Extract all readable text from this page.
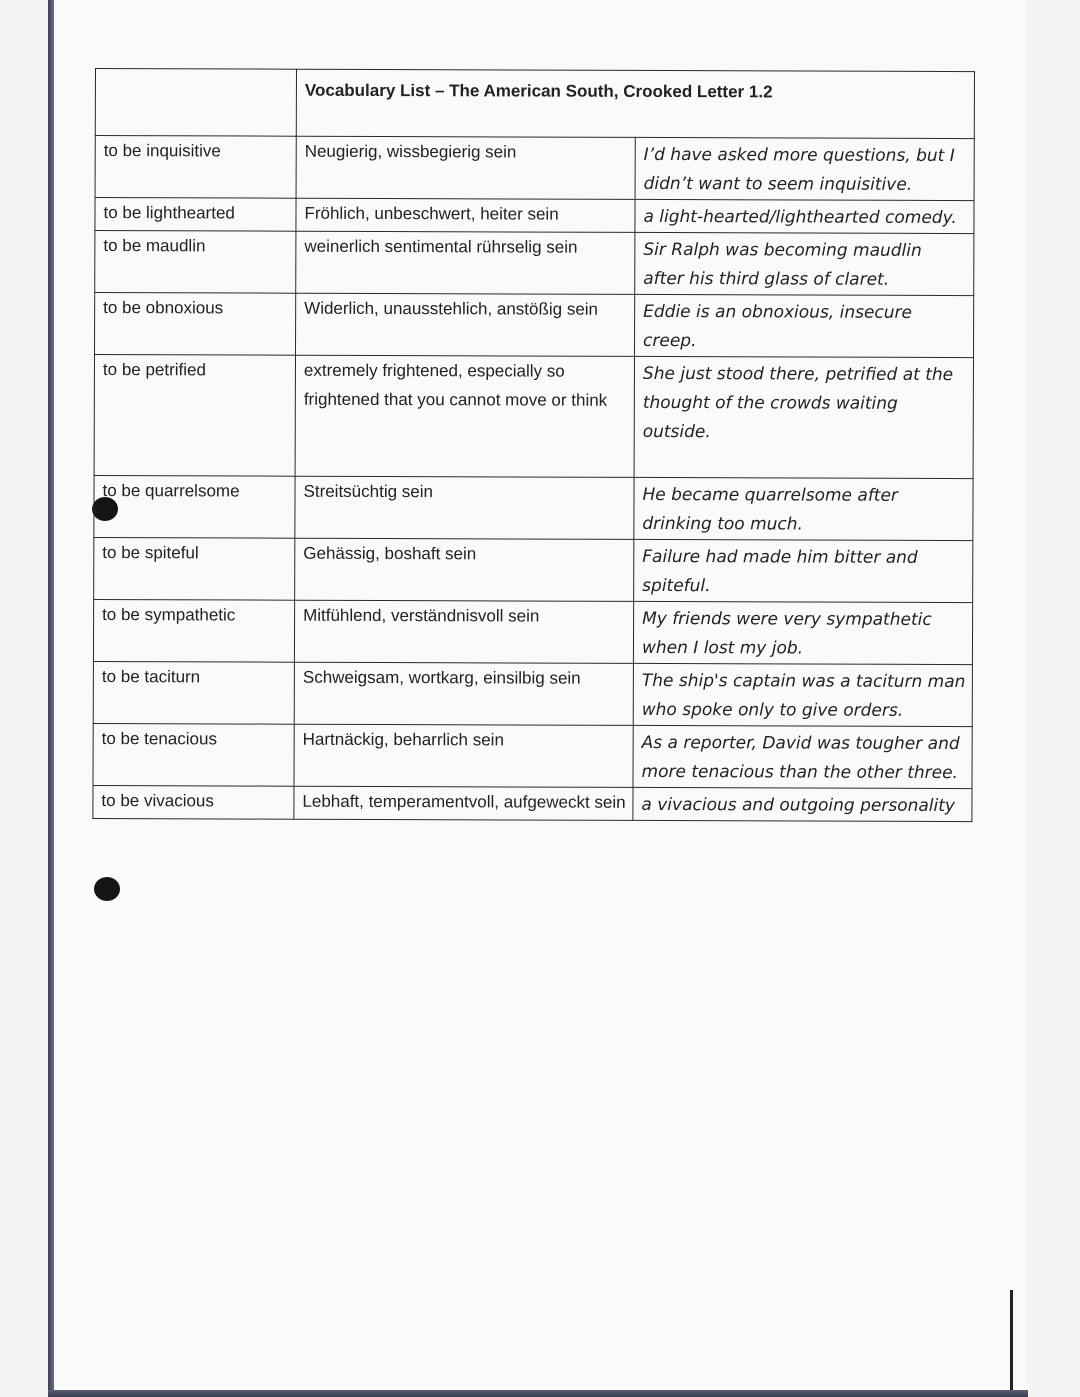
	Vocabulary List – The American South, Crooked Letter 1.2	
to be inquisitive	Neugierig, wissbegierig sein	I’d have asked more questions, but I didn’t want to seem inquisitive.

to be lighthearted	Fröhlich, unbeschwert, heiter sein	a light-hearted/lighthearted comedy.

to be maudlin	weinerlich sentimental rührselig sein	Sir Ralph was becoming maudlin after his third glass of claret.

to be obnoxious	Widerlich, unausstehlich, anstößig sein	Eddie is an obnoxious, insecure creep.

to be petrified	extremely frightened, especially so frightened that you cannot move or think	She just stood there, petrified at the thought of the crowds waiting outside.

to be quarrelsome	Streitsüchtig sein	He became quarrelsome after drinking too much.

to be spiteful	Gehässig, boshaft sein	Failure had made him bitter and spiteful.

to be sympathetic	Mitfühlend, verständnisvoll sein	My friends were very sympathetic when I lost my job.

to be taciturn	Schweigsam, wortkarg, einsilbig sein	The ship's captain was a taciturn man who spoke only to give orders.

to be tenacious	Hartnäckig, beharrlich sein	As a reporter, David was tougher and more tenacious than the other three.

to be vivacious	Lebhaft, temperamentvoll, aufgeweckt sein	a vivacious and outgoing personality
